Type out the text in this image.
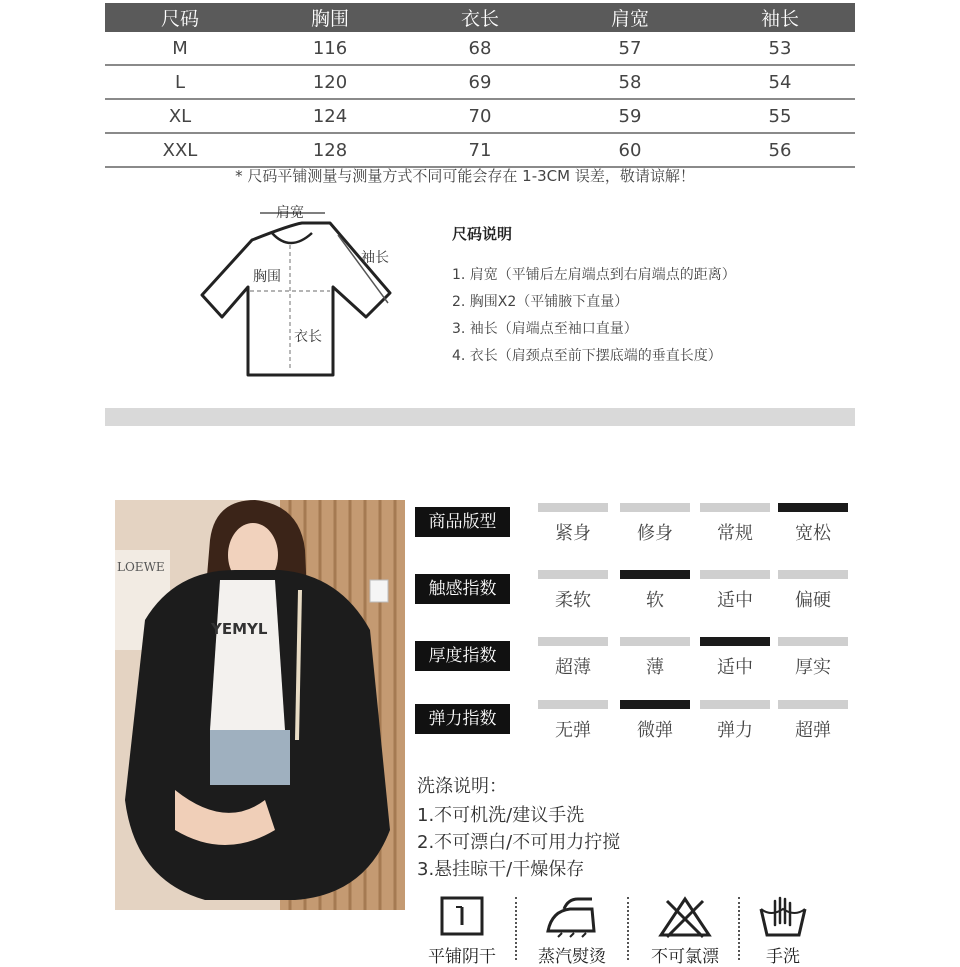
尺码	胸围	衣长	肩宽	袖长
M	116	68	57	53
L	120	69	58	54
XL	124	70	59	55
XXL	128	71	60	56
* 尺码平铺测量与测量方式不同可能会存在 1-3CM 误差，敬请谅解！
肩宽
袖长
胸围
衣长
尺码说明
1. 肩宽（平铺后左肩端点到右肩端点的距离）
2. 胸围X2（平铺腋下直量）
3. 袖长（肩端点至袖口直量）
4. 衣长（肩颈点至前下摆底端的垂直长度）
LOEWE
YEMYL
商品版型
紧身	修身	常规	宽松
触感指数
柔软	软	适中	偏硬
厚度指数
超薄	薄	适中	厚实
弹力指数
无弹	微弹	弹力	超弹
洗涤说明：
1.不可机洗/建议手洗
2.不可漂白/不可用力拧搅
3.悬挂晾干/干燥保存
平铺阴干	蒸汽熨烫	不可氯漂	手洗
